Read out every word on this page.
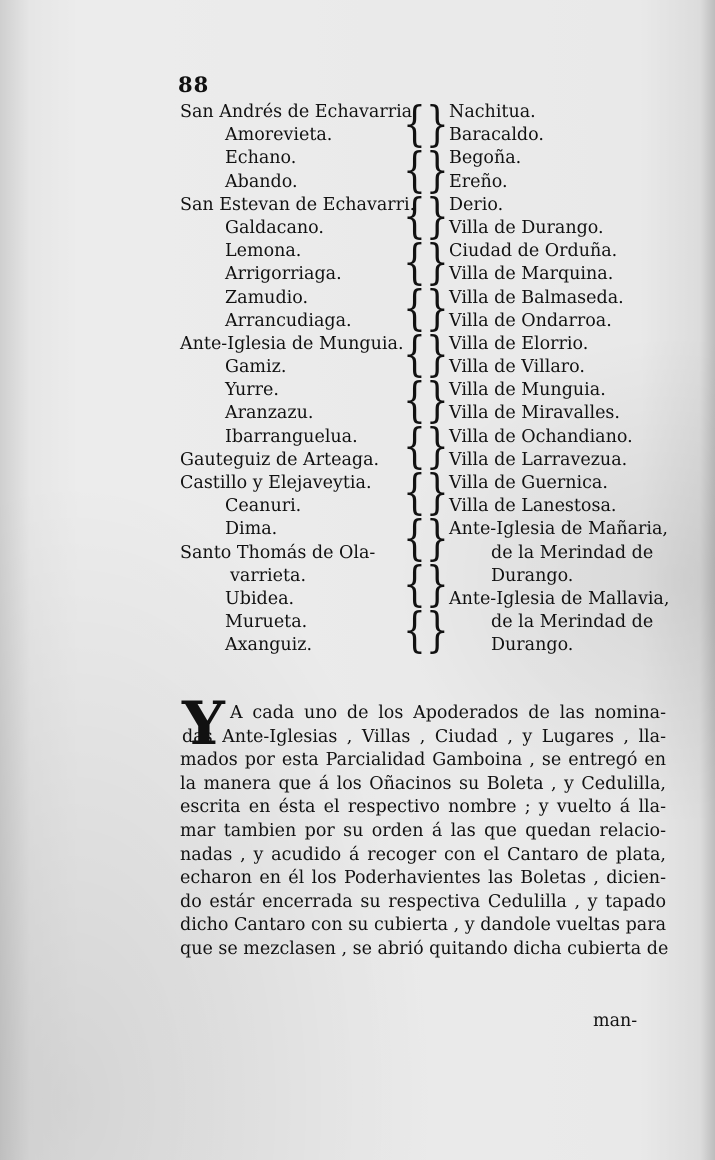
88
San Andrés de Echavarria
Amorevieta.
Echano.
Abando.
San Estevan de Echavarri.
Galdacano.
Lemona.
Arrigorriaga.
Zamudio.
Arrancudiaga.
Ante-Iglesia de Munguia.
Gamiz.
Yurre.
Aranzazu.
Ibarranguelua.
Gauteguiz de Arteaga.
Castillo y Elejaveytia.
Ceanuri.
Dima.
Santo Thomás de Ola-
varrieta.
Ubidea.
Murueta.
Axanguiz.
{}
{}
{}
{}
{}
{}
{}
{}
{}
{}
{}
{}
Nachitua.
Baracaldo.
Begoña.
Ereño.
Derio.
Villa de Durango.
Ciudad de Orduña.
Villa de Marquina.
Villa de Balmaseda.
Villa de Ondarroa.
Villa de Elorrio.
Villa de Villaro.
Villa de Munguia.
Villa de Miravalles.
Villa de Ochandiano.
Villa de Larravezua.
Villa de Guernica.
Villa de Lanestosa.
Ante-Iglesia de Mañaria,
de la Merindad de
Durango.
Ante-Iglesia de Mallavia,
de la Merindad de
Durango.
Y A cada uno de los Apoderados de las nomina-
das Ante-Iglesias , Villas , Ciudad , y Lugares , lla-
mados por esta Parcialidad Gamboina , se entregó en
la manera que á los Oñacinos su Boleta , y Cedulilla,
escrita en ésta el respectivo nombre ; y vuelto á lla-
mar tambien por su orden á las que quedan relacio-
nadas , y acudido á recoger con el Cantaro de plata,
echaron en él los Poderhavientes las Boletas , dicien-
do estár encerrada su respectiva Cedulilla , y tapado
dicho Cantaro con su cubierta , y dandole vueltas para
que se mezclasen , se abrió quitando dicha cubierta de
man-
